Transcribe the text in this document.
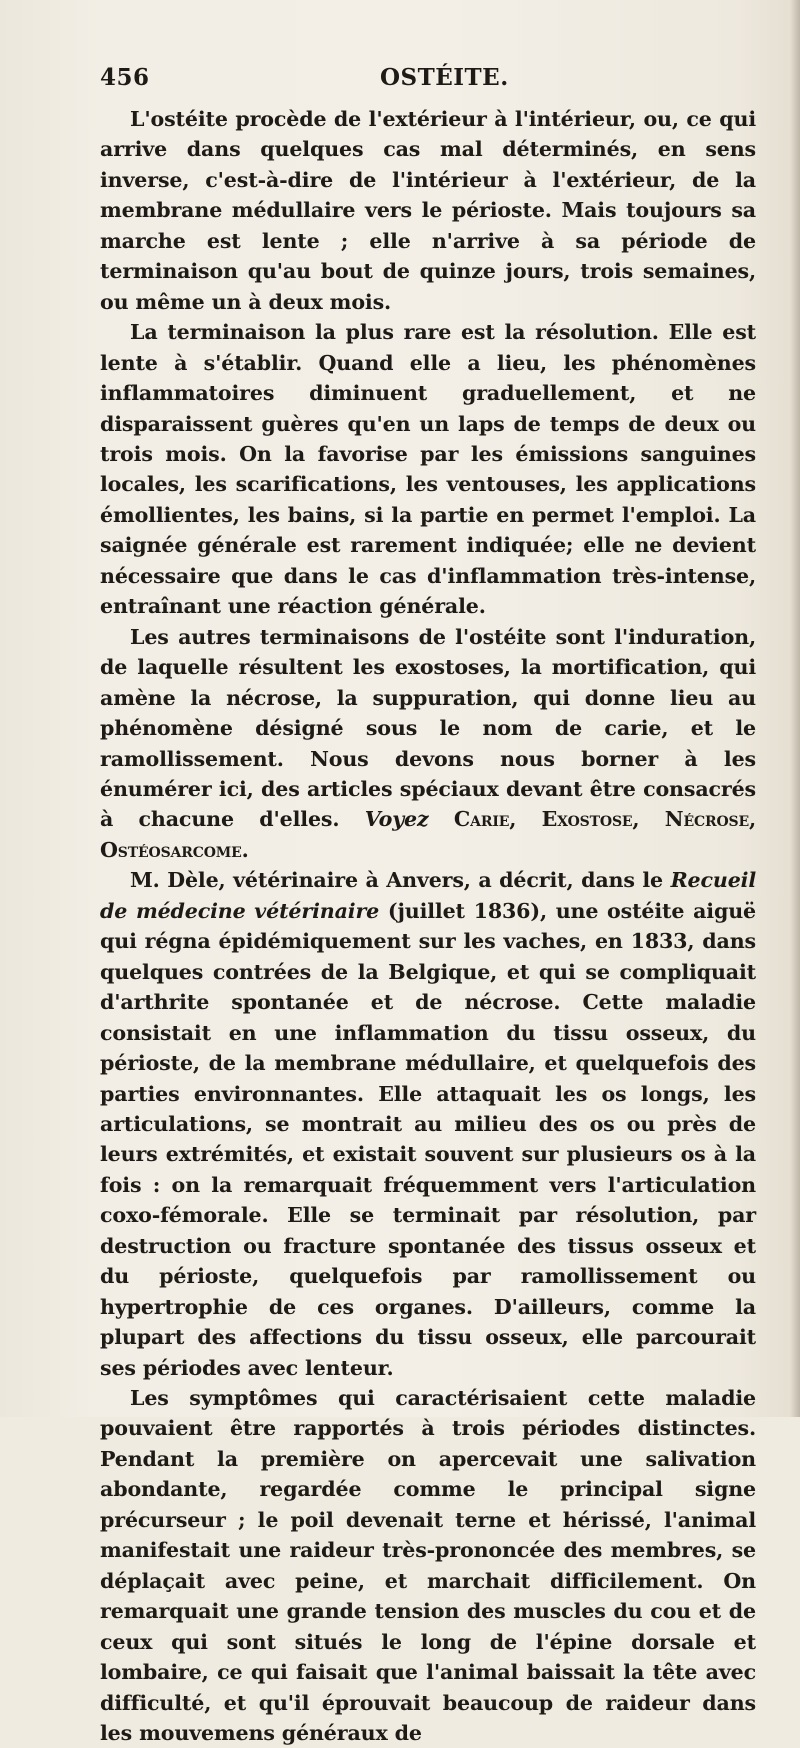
456	OSTÉITE.

L'ostéite procède de l'extérieur à l'intérieur, ou, ce qui arrive dans quelques cas mal déterminés, en sens inverse, c'est-à-dire de l'intérieur à l'extérieur, de la membrane médullaire vers le périoste. Mais toujours sa marche est lente ; elle n'arrive à sa période de terminaison qu'au bout de quinze jours, trois semaines, ou même un à deux mois.

La terminaison la plus rare est la résolution. Elle est lente à s'établir. Quand elle a lieu, les phénomènes inflammatoires diminuent graduellement, et ne disparaissent guères qu'en un laps de temps de deux ou trois mois. On la favorise par les émissions sanguines locales, les scarifications, les ventouses, les applications émollientes, les bains, si la partie en permet l'emploi. La saignée générale est rarement indiquée; elle ne devient nécessaire que dans le cas d'inflammation très-intense, entraînant une réaction générale.

Les autres terminaisons de l'ostéite sont l'induration, de laquelle résultent les exostoses, la mortification, qui amène la nécrose, la suppuration, qui donne lieu au phénomène désigné sous le nom de carie, et le ramollissement. Nous devons nous borner à les énumérer ici, des articles spéciaux devant être consacrés à chacune d'elles. Voyez Carie, Exostose, Nécrose, Ostéosarcome.

M. Dèle, vétérinaire à Anvers, a décrit, dans le Recueil de médecine vétérinaire (juillet 1836), une ostéite aiguë qui régna épidémiquement sur les vaches, en 1833, dans quelques contrées de la Belgique, et qui se compliquait d'arthrite spontanée et de nécrose. Cette maladie consistait en une inflammation du tissu osseux, du périoste, de la membrane médullaire, et quelquefois des parties environnantes. Elle attaquait les os longs, les articulations, se montrait au milieu des os ou près de leurs extrémités, et existait souvent sur plusieurs os à la fois : on la remarquait fréquemment vers l'articulation coxo-fémorale. Elle se terminait par résolution, par destruction ou fracture spontanée des tissus osseux et du périoste, quelquefois par ramollissement ou hypertrophie de ces organes. D'ailleurs, comme la plupart des affections du tissu osseux, elle parcourait ses périodes avec lenteur.

Les symptômes qui caractérisaient cette maladie pouvaient être rapportés à trois périodes distinctes. Pendant la première on apercevait une salivation abondante, regardée comme le principal signe précurseur ; le poil devenait terne et hérissé, l'animal manifestait une raideur très-prononcée des membres, se déplaçait avec peine, et marchait difficilement. On remarquait une grande tension des muscles du cou et de ceux qui sont situés le long de l'épine dorsale et lombaire, ce qui faisait que l'animal baissait la tête avec difficulté, et qu'il éprouvait beaucoup de raideur dans les mouvemens généraux de
